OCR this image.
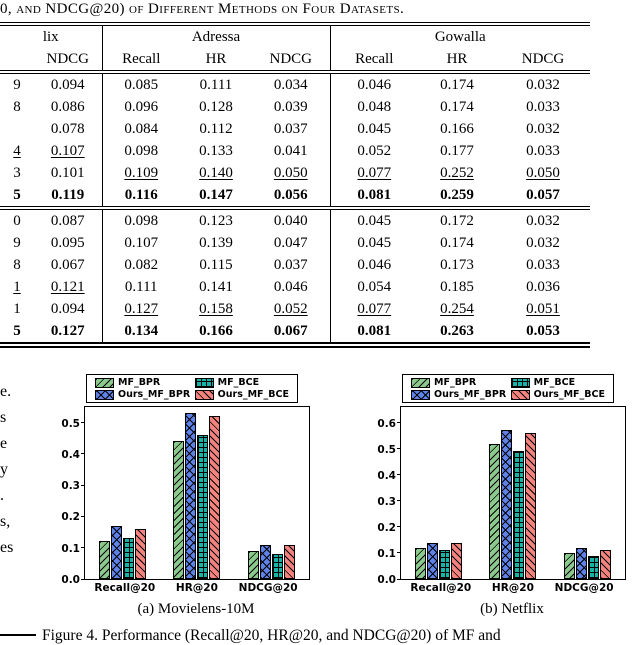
0, and NDCG@20) of Different Methods on Four Datasets.

lix		Adressa			Gowalla		
	NDCG	Recall	HR	NDCG	Recall	HR	NDCG

9	0.094	0.085	0.111	0.034	0.046	0.174	0.032
8	0.086	0.096	0.128	0.039	0.048	0.174	0.033
	0.078	0.084	0.112	0.037	0.045	0.166	0.032
4	0.107	0.098	0.133	0.041	0.052	0.177	0.033
3	0.101	0.109	0.140	0.050	0.077	0.252	0.050
5	0.119	0.116	0.147	0.056	0.081	0.259	0.057

0	0.087	0.098	0.123	0.040	0.045	0.172	0.032
9	0.095	0.107	0.139	0.047	0.045	0.174	0.032
8	0.067	0.082	0.115	0.037	0.046	0.173	0.033
1	0.121	0.111	0.141	0.046	0.054	0.185	0.036
1	0.094	0.127	0.158	0.052	0.077	0.254	0.051
5	0.127	0.134	0.166	0.067	0.081	0.263	0.053

MF_BPR	MF_BCE
Ours_MF_BPR	Ours_MF_BCE
0.0
0.1
0.2
0.3
0.4
0.5
Recall@20 HR@20 NDCG@20
(a) Movielens-10M
MF_BPR	MF_BCE
Ours_MF_BPR	Ours_MF_BCE
0.0
0.1
0.2
0.3
0.4
0.5
0.6
Recall@20 HR@20 NDCG@20
(b) Netflix
Figure 4. Performance (Recall@20, HR@20, and NDCG@20) of MF and
e.
s
e
y
.
s,
es
